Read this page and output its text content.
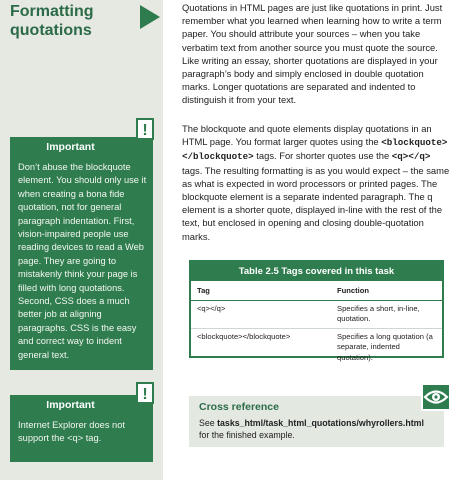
Formatting
quotations
!
Important
Don’t abuse the blockquote element. You should only use it when creating a bona fide quotation, not for general paragraph indentation. First, vision-impaired people use reading devices to read a Web page. They are going to mistakenly think your page is filled with long quotations. Second, CSS does a much better job at aligning paragraphs. CSS is the easy and correct way to indent general text.
!
Important
Internet Explorer does not support the <q> tag.

Quotations in HTML pages are just like quotations in print. Just remember what you learned when learning how to write a term paper. You should attribute your sources – when you take verbatim text from another source you must quote the source. Like writing an essay, shorter quotations are displayed in your paragraph’s body and simply enclosed in double quotation marks. Longer quotations are separated and indented to distinguish it from your text.

The blockquote and quote elements display quotations in an HTML page. You format larger quotes using the <blockquote></blockquote> tags. For shorter quotes use the <q></q> tags. The resulting formatting is as you would expect – the same as what is expected in word processors or printed pages. The blockquote element is a separate indented paragraph. The q element is a shorter quote, displayed in-line with the rest of the text, but enclosed in opening and closing double-quotation marks.

Table 2.5 Tags covered in this task
Tag	Function
<q></q>	Specifies a short, in-line, quotation.
<blockquote></blockquote>	Specifies a long quotation (a separate, indented quotation).
Cross reference
See tasks_html/task_html_quotations/whyrollers.html for the finished example.
